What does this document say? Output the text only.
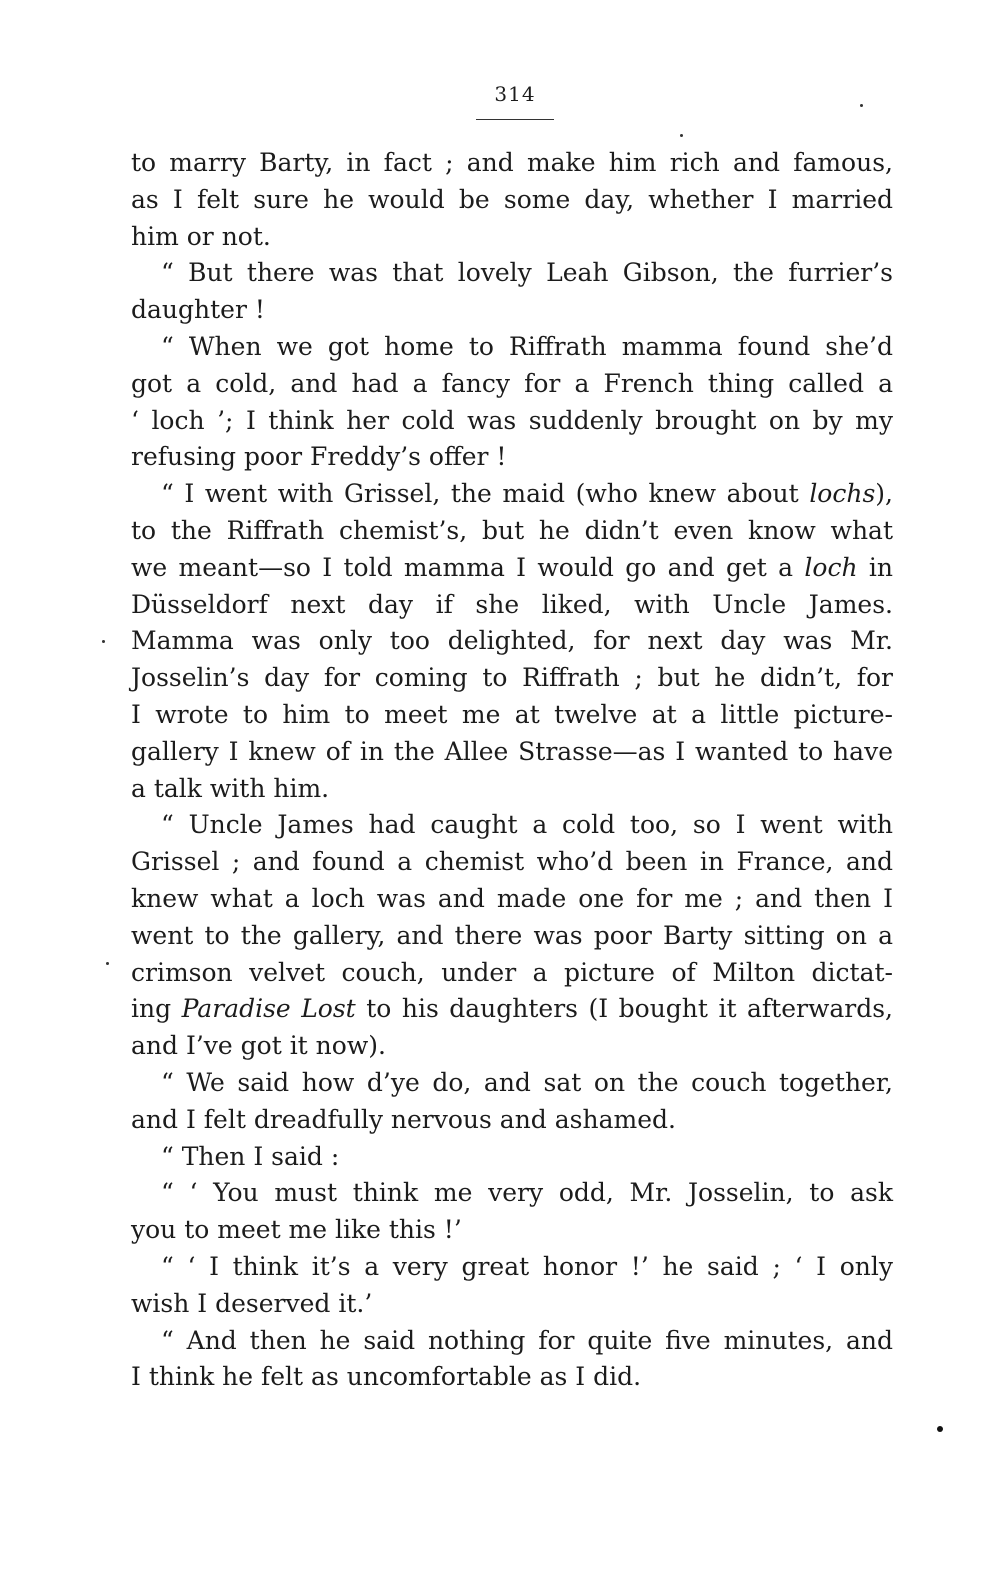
314
to marry Barty, in fact ; and make him rich and famous,
as I felt sure he would be some day, whether I married
him or not.
“ But there was that lovely Leah Gibson, the furrier’s
daughter !
“ When we got home to Riffrath mamma found she’d
got a cold, and had a fancy for a French thing called a
‘ loch ’; I think her cold was suddenly brought on by my
refusing poor Freddy’s offer !
“ I went with Grissel, the maid (who knew about lochs),
to the Riffrath chemist’s, but he didn’t even know what
we meant—so I told mamma I would go and get a loch in
Düsseldorf next day if she liked, with Uncle James.
Mamma was only too delighted, for next day was Mr.
Josselin’s day for coming to Riffrath ; but he didn’t, for
I wrote to him to meet me at twelve at a little picture-
gallery I knew of in the Allee Strasse—as I wanted to have
a talk with him.
“ Uncle James had caught a cold too, so I went with
Grissel ; and found a chemist who’d been in France, and
knew what a loch was and made one for me ; and then I
went to the gallery, and there was poor Barty sitting on a
crimson velvet couch, under a picture of Milton dictat-
ing Paradise Lost to his daughters (I bought it afterwards,
and I’ve got it now).
“ We said how d’ye do, and sat on the couch together,
and I felt dreadfully nervous and ashamed.
“ Then I said :
“ ‘ You must think me very odd, Mr. Josselin, to ask
you to meet me like this !’
“ ‘ I think it’s a very great honor !’ he said ; ‘ I only
wish I deserved it.’
“ And then he said nothing for quite five minutes, and
I think he felt as uncomfortable as I did.
